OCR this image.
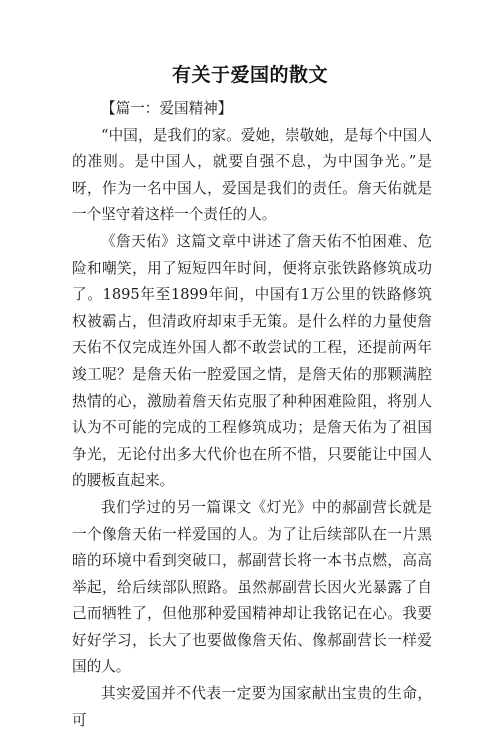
有关于爱国的散文

【篇一：爱国精神】

“中国，是我们的家。爱她，崇敬她，是每个中国人的准则。是中国人，就要自强不息，为中国争光。”是呀，作为一名中国人，爱国是我们的责任。詹天佑就是一个坚守着这样一个责任的人。

《詹天佑》这篇文章中讲述了詹天佑不怕困难、危险和嘲笑，用了短短四年时间，便将京张铁路修筑成功了。1895年至1899年间，中国有1万公里的铁路修筑权被霸占，但清政府却束手无策。是什么样的力量使詹天佑不仅完成连外国人都不敢尝试的工程，还提前两年竣工呢？是詹天佑一腔爱国之情，是詹天佑的那颗满腔热情的心，激励着詹天佑克服了种种困难险阻，将别人认为不可能的完成的工程修筑成功；是詹天佑为了祖国争光，无论付出多大代价也在所不惜，只要能让中国人的腰板直起来。

我们学过的另一篇课文《灯光》中的郝副营长就是一个像詹天佑一样爱国的人。为了让后续部队在一片黑暗的环境中看到突破口，郝副营长将一本书点燃，高高举起，给后续部队照路。虽然郝副营长因火光暴露了自己而牺牲了，但他那种爱国精神却让我铭记在心。我要好好学习，长大了也要做像詹天佑、像郝副营长一样爱国的人。

其实爱国并不代表一定要为国家献出宝贵的生命，可
